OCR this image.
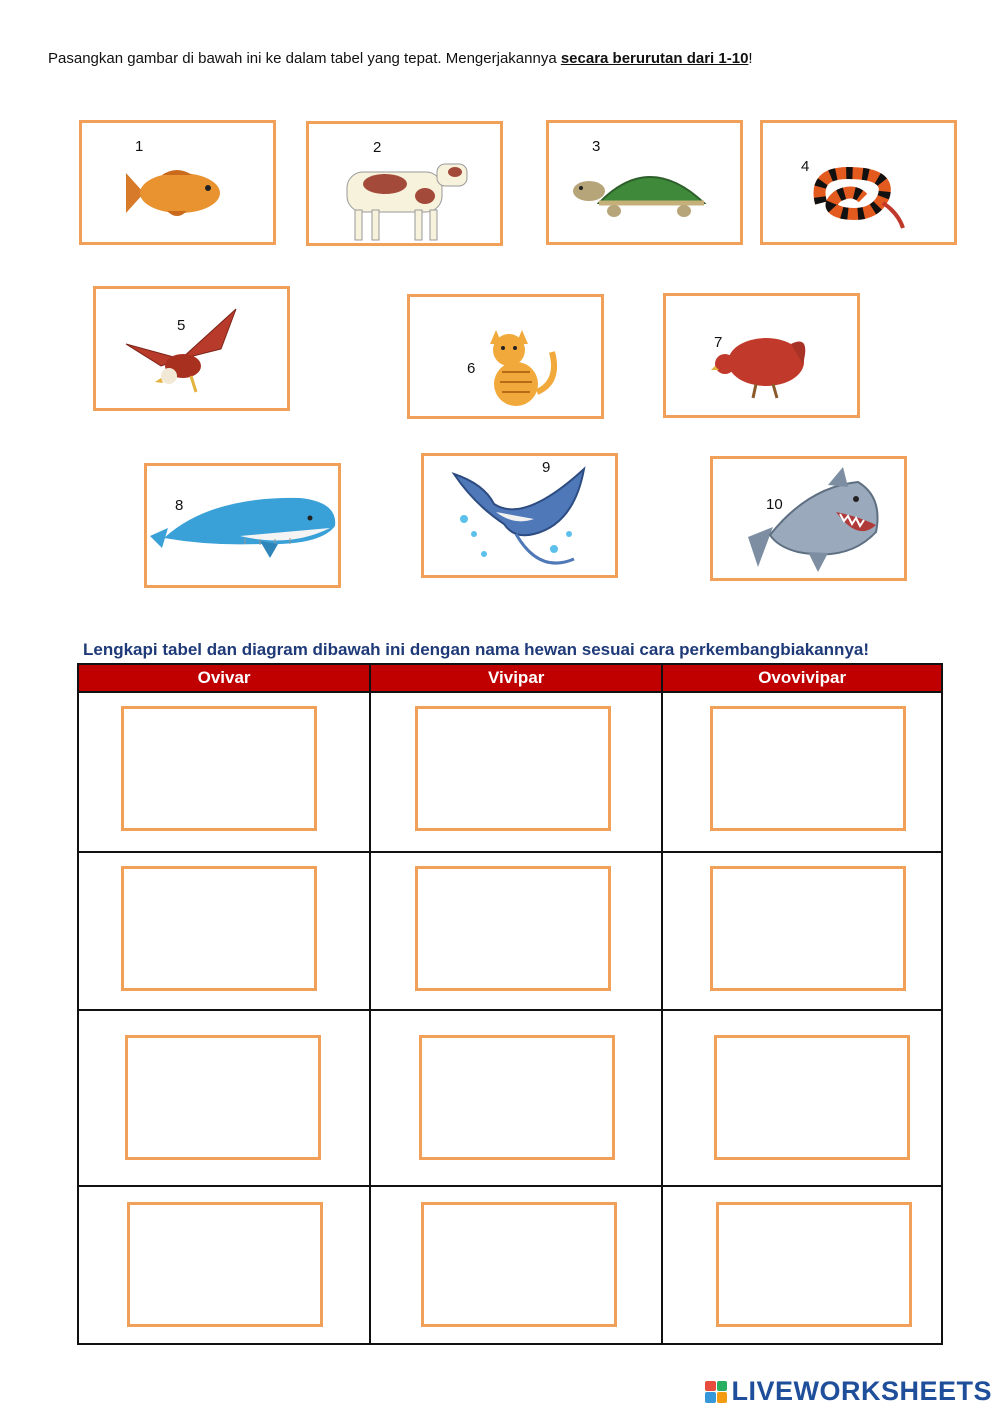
Pasangkan gambar di bawah ini ke dalam tabel yang tepat. Mengerjakannya secara berurutan dari 1-10!
1	2	3
4
5
6
7
8
9
10
Lengkapi tabel dan diagram dibawah ini dengan nama hewan sesuai cara perkembangbiakannya!
Ovivar	Vivipar	Ovovivipar

LIVEWORKSHEETS
